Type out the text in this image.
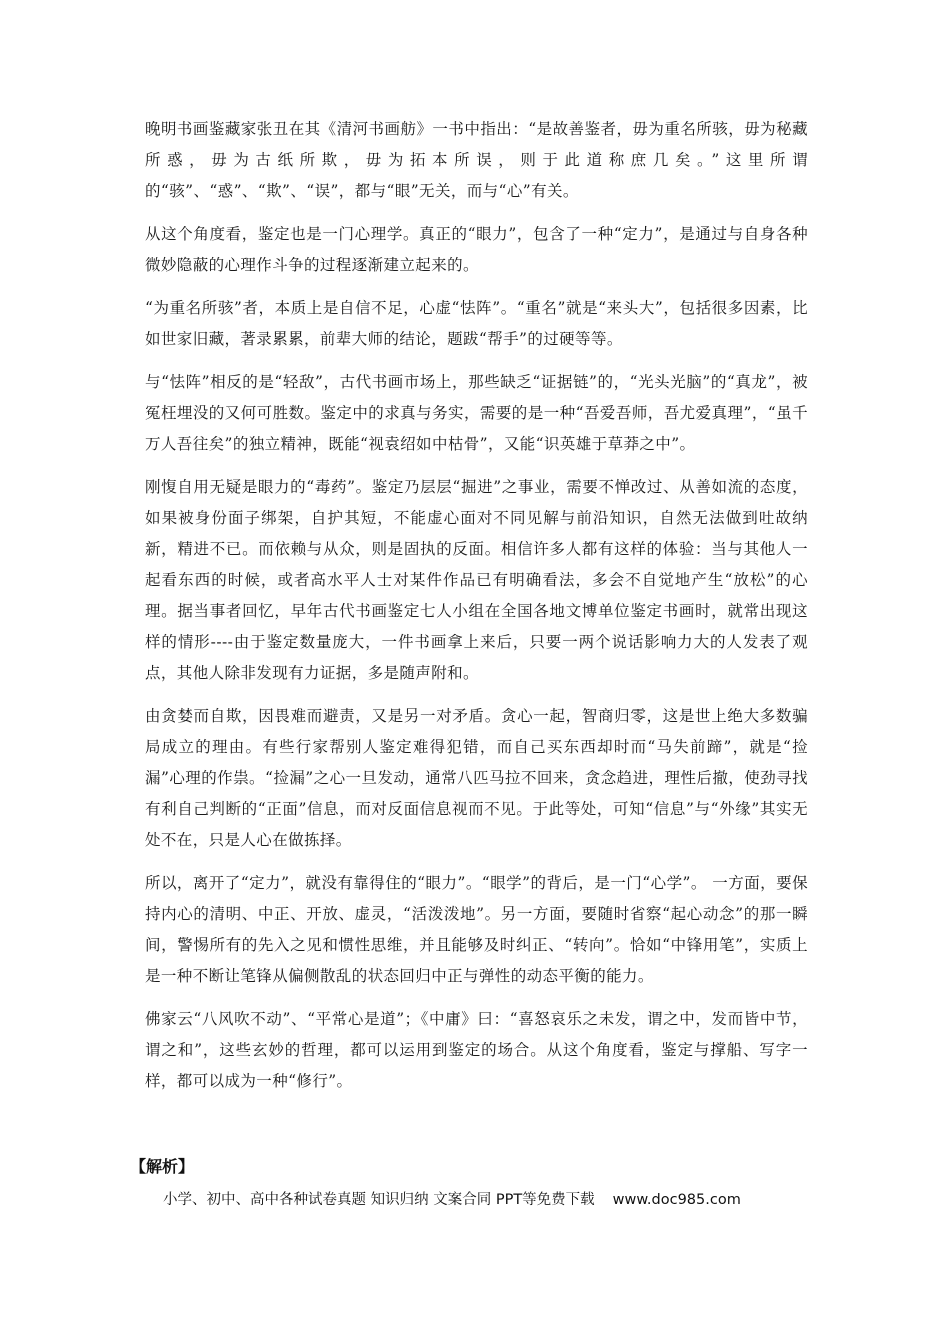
晚明书画鉴藏家张丑在其《清河书画舫》一书中指出：“是故善鉴者，毋为重名所骇，毋为秘藏所惑，毋为古纸所欺，毋为拓本所误，则于此道称庶几矣。”这里所谓的“骇”、“惑”、“欺”、“误”，都与“眼”无关，而与“心”有关。

从这个角度看，鉴定也是一门心理学。真正的“眼力”，包含了一种“定力”，是通过与自身各种微妙隐蔽的心理作斗争的过程逐渐建立起来的。

“为重名所骇”者，本质上是自信不足，心虚“怯阵”。“重名”就是“来头大”，包括很多因素，比如世家旧藏，著录累累，前辈大师的结论，题跋“帮手”的过硬等等。

与“怯阵”相反的是“轻敌”，古代书画市场上，那些缺乏“证据链”的，“光头光脑”的“真龙”，被冤枉埋没的又何可胜数。鉴定中的求真与务实，需要的是一种“吾爱吾师，吾尤爱真理”，“虽千万人吾往矣”的独立精神，既能“视袁绍如中枯骨”，又能“识英雄于草莽之中”。

刚愎自用无疑是眼力的“毒药”。鉴定乃层层“掘进”之事业，需要不惮改过、从善如流的态度，如果被身份面子绑架，自护其短，不能虚心面对不同见解与前沿知识，自然无法做到吐故纳新，精进不已。而依赖与从众，则是固执的反面。相信许多人都有这样的体验：当与其他人一起看东西的时候，或者高水平人士对某件作品已有明确看法，多会不自觉地产生“放松”的心理。据当事者回忆，早年古代书画鉴定七人小组在全国各地文博单位鉴定书画时，就常出现这样的情形----由于鉴定数量庞大，一件书画拿上来后，只要一两个说话影响力大的人发表了观点，其他人除非发现有力证据，多是随声附和。

由贪婪而自欺，因畏难而避责，又是另一对矛盾。贪心一起，智商归零，这是世上绝大多数骗局成立的理由。有些行家帮别人鉴定难得犯错，而自己买东西却时而“马失前蹄”，就是“捡漏”心理的作祟。“捡漏”之心一旦发动，通常八匹马拉不回来，贪念趋进，理性后撤，使劲寻找有利自己判断的“正面”信息，而对反面信息视而不见。于此等处，可知“信息”与“外缘”其实无处不在，只是人心在做拣择。

所以，离开了“定力”，就没有靠得住的“眼力”。“眼学”的背后，是一门“心学”。 一方面，要保持内心的清明、中正、开放、虚灵，“活泼泼地”。另一方面，要随时省察“起心动念”的那一瞬间，警惕所有的先入之见和惯性思维，并且能够及时纠正、“转向”。恰如“中锋用笔”，实质上是一种不断让笔锋从偏侧散乱的状态回归中正与弹性的动态平衡的能力。

佛家云“八风吹不动”、“平常心是道”；《中庸》曰：“喜怒哀乐之未发，谓之中，发而皆中节，谓之和”，这些玄妙的哲理，都可以运用到鉴定的场合。从这个角度看，鉴定与撑船、写字一样，都可以成为一种“修行”。

【解析】
小学、初中、高中各种试卷真题 知识归纳 文案合同 PPT等免费下载 www.doc985.com
